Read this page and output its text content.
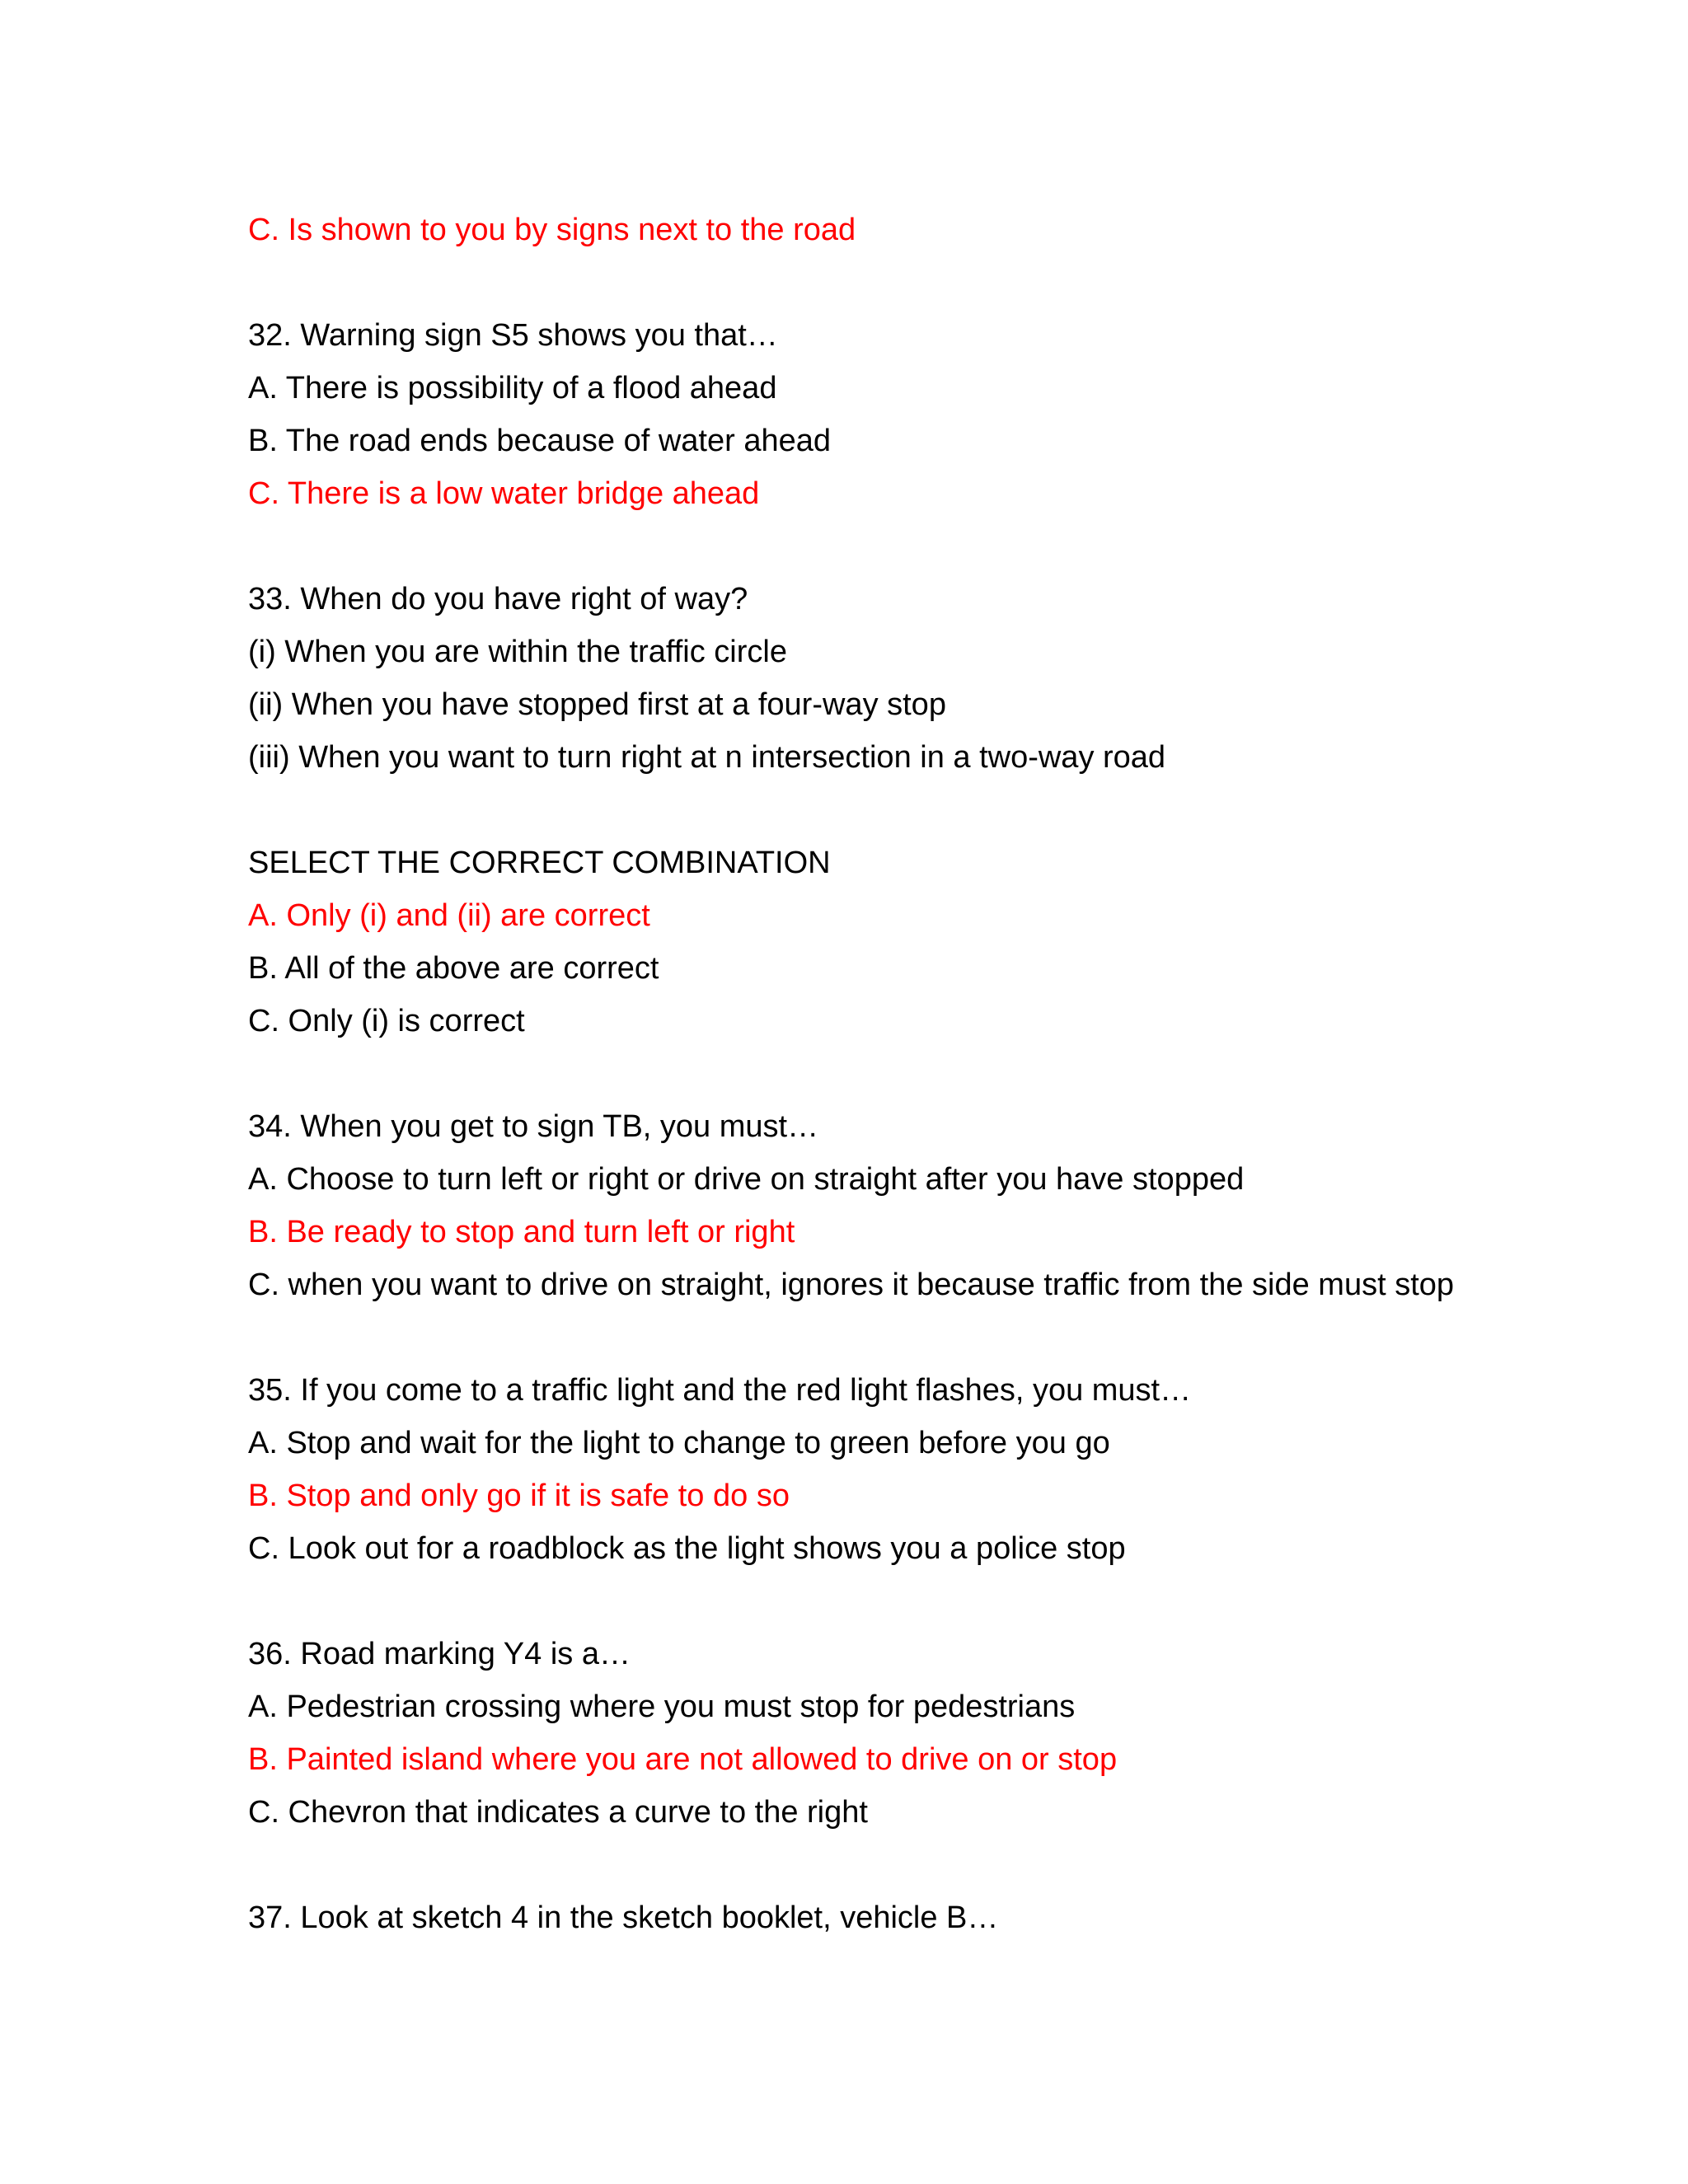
C. Is shown to you by signs next to the road
32. Warning sign S5 shows you that…
A. There is possibility of a flood ahead
B. The road ends because of water ahead
C. There is a low water bridge ahead
33. When do you have right of way?
(i) When you are within the traffic circle
(ii) When you have stopped first at a four-way stop
(iii) When you want to turn right at n intersection in a two-way road
SELECT THE CORRECT COMBINATION
A. Only (i) and (ii) are correct
B. All of the above are correct
C. Only (i) is correct
34. When you get to sign TB, you must…
A. Choose to turn left or right or drive on straight after you have stopped
B. Be ready to stop and turn left or right
C. when you want to drive on straight, ignores it because traffic from the side must stop
35. If you come to a traffic light and the red light flashes, you must…
A. Stop and wait for the light to change to green before you go
B. Stop and only go if it is safe to do so
C. Look out for a roadblock as the light shows you a police stop
36. Road marking Y4 is a…
A. Pedestrian crossing where you must stop for pedestrians
B. Painted island where you are not allowed to drive on or stop
C. Chevron that indicates a curve to the right
37. Look at sketch 4 in the sketch booklet, vehicle B…
